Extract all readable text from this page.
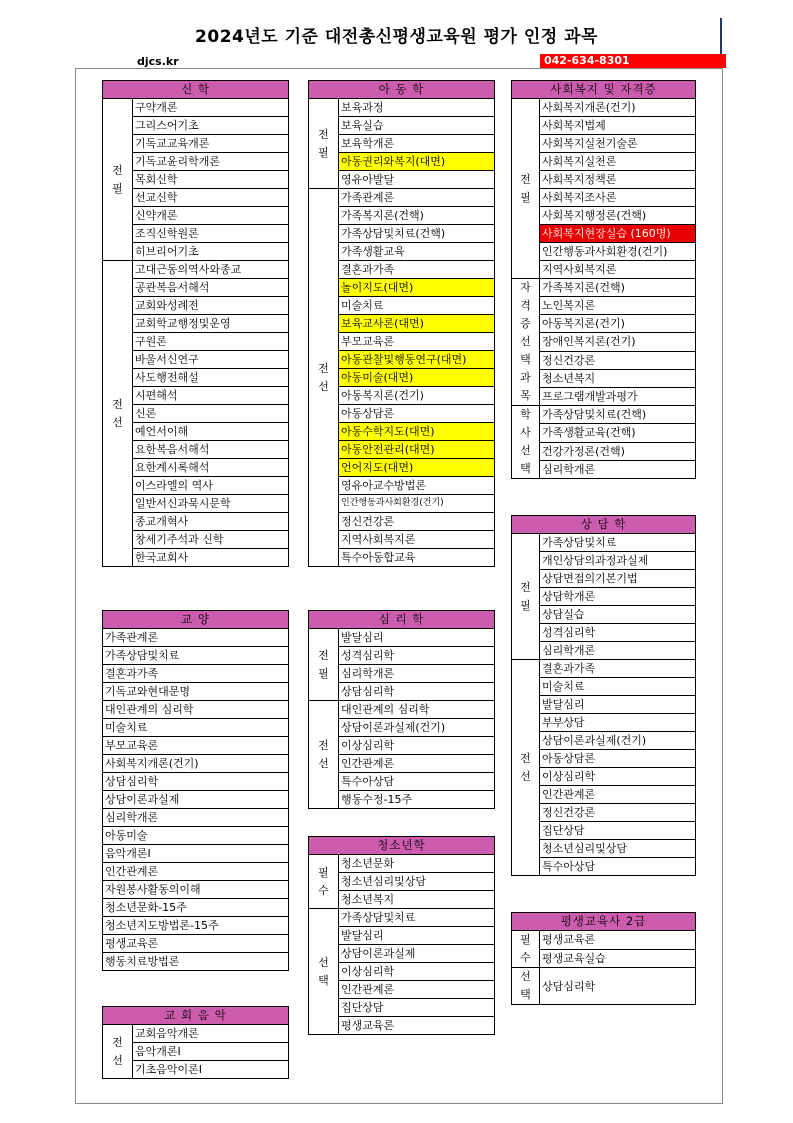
2024년도 기준 대전총신평생교육원 평가 인정 과목
djcs.kr	042-634-8301
신 학	
전필	구약개론
	그리스어기초
	기독교교육개론
	기독교윤리학개론
	목회신학
	선교신학
	신약개론
	조직신학원론
	히브리어기초
전선	고대근동의역사와종교
	공관복음서해석
	교회와성례전
	교회학교행정및운영
	구원론
	바울서신연구
	사도행전해설
	시편해석
	신론
	예언서이해
	요한복음서해석
	요한계시록해석
	이스라엘의 역사
	일반서신과묵시문학
	종교개혁사
	창세기주석과 신학
	한국교회사
교 양
가족관계론
가족상담및치료
결혼과가족
기독교와현대문명
대인관계의 심리학
미술치료
부모교육론
사회복지개론(건기)
상담심리학
상담이론과실제
심리학개론
아동미술
음악개론Ⅰ
인간관계론
자원봉사활동의이해
청소년문화-15주
청소년지도방법론-15주
평생교육론
행동치료방법론
교 회 음 악
전선	교회음악개론
음악개론Ⅰ
기초음악이론Ⅰ
아 동 학	
전필	보육과정
	보육실습
	보육학개론
	아동권리와복지(대면)
	영유아발달
전선	가족관계론
	가족복지론(건핵)
	가족상담및치료(건핵)
	가족생활교육
	결혼과가족
	놀이지도(대면)
	미술치료
	보육교사론(대면)
	부모교육론
	아동관찰및행동연구(대면)
	아동미술(대면)
	아동복지론(건기)
	아동상담론
	아동수학지도(대면)
	아동안전관리(대면)
	언어지도(대면)
	영유아교수방법론
	인간행동과사회환경(건기)
	정신건강론
	지역사회복지론
	특수아동합교육
심 리 학	
전필	발달심리
	성격심리학
	심리학개론
	상담심리학
전선	대인관계의 심리학
	상담이론과실제(건기)
	이상심리학
	인간관계론
	특수아상담
	행동수정-15주
청소년학	
필수	청소년문화
	청소년심리및상담
	청소년복지
선택	가족상담및치료
	발달심리
	상담이론과실제
	이상심리학
	인간관계론
	집단상담
	평생교육론
사회복지 및 자격증	
전필	사회복지개론(건기)
	사회복지법제
	사회복지실천기술론
	사회복지실천론
	사회복지정책론
	사회복지조사론
	사회복지행정론(건핵)
	사회복지현장실습 (160명)
	인간행동과사회환경(건기)
	지역사회복지론
자격증선택과목	가족복지론(건핵)
	노인복지론
	아동복지론(건기)
	장애인복지론(건기)
	정신건강론
	청소년복지
	프로그램개발과평가
학사선택	가족상담및치료(건핵)
	가족생활교육(건핵)
	건강가정론(건핵)
	심리학개론
상 담 학	
전필	가족상담및치료
	개인상담의과정과실제
	상담면접의기본기법
	상담학개론
	상담실습
	성격심리학
	심리학개론
전선	결혼과가족
	미술치료
	발달심리
	부부상담
	상담이론과실제(건기)
	아동상담론
	이상심리학
	인간관계론
	정신건강론
	집단상담
	청소년심리및상담
	특수아상담
평생교육사 2급	
필수	평생교육론
	평생교육실습
선택	상담심리학
